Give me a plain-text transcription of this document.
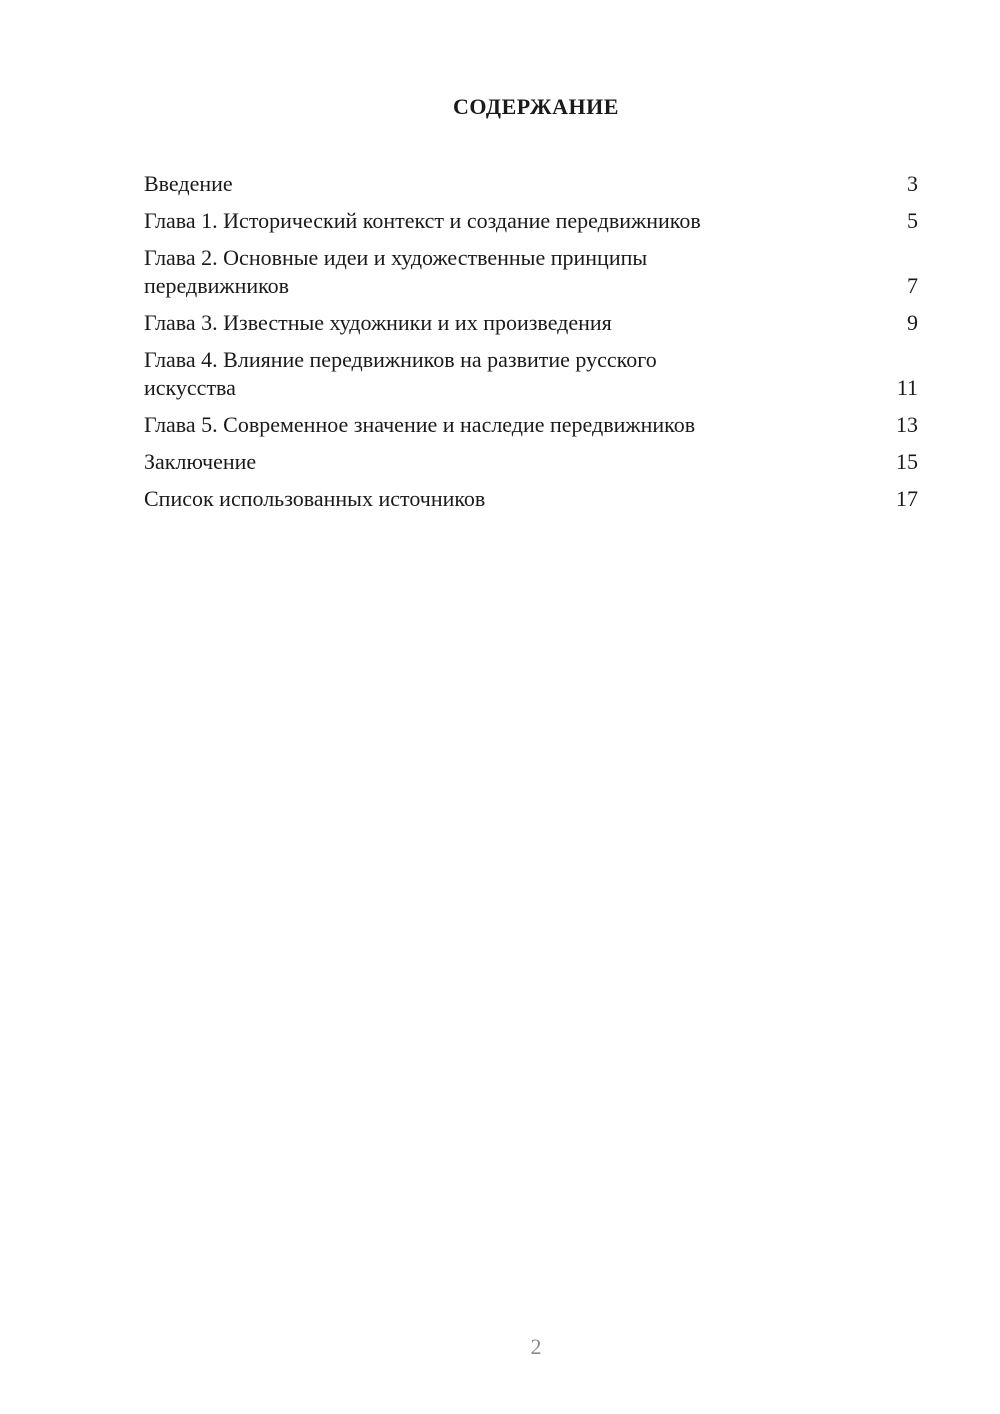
СОДЕРЖАНИЕ
Введение	3
Глава 1. Исторический контекст и создание передвижников	5
Глава 2. Основные идеи и художественные принципы передвижников	7
Глава 3. Известные художники и их произведения	9
Глава 4. Влияние передвижников на развитие русского искусства	11
Глава 5. Современное значение и наследие передвижников	13
Заключение	15
Список использованных источников	17
2
